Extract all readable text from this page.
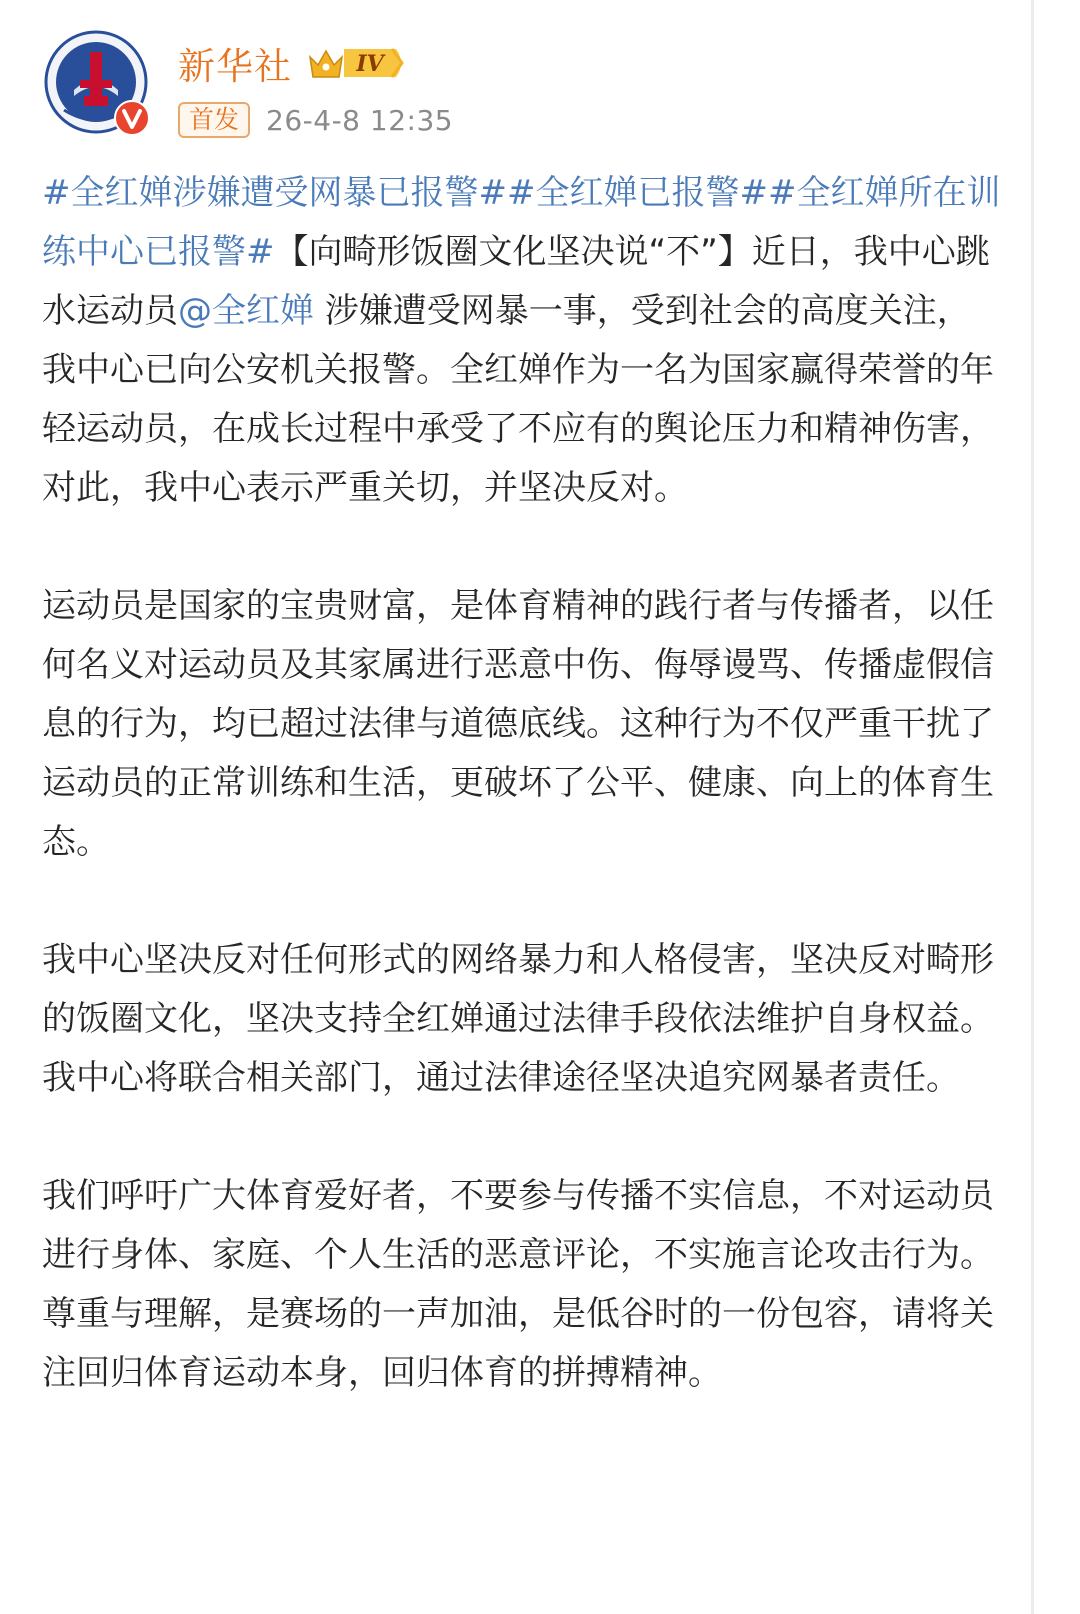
新华社	IV
首发 26-4-8 12:35

#全红婵涉嫌遭受网暴已报警##全红婵已报警##全红婵所在训练中心已报警#【向畸形饭圈文化坚决说“不”】近日，我中心跳水运动员@全红婵 涉嫌遭受网暴一事，受到社会的高度关注，我中心已向公安机关报警。全红婵作为一名为国家赢得荣誉的年轻运动员，在成长过程中承受了不应有的舆论压力和精神伤害，对此，我中心表示严重关切，并坚决反对。

运动员是国家的宝贵财富，是体育精神的践行者与传播者，以任何名义对运动员及其家属进行恶意中伤、侮辱谩骂、传播虚假信息的行为，均已超过法律与道德底线。这种行为不仅严重干扰了运动员的正常训练和生活，更破坏了公平、健康、向上的体育生态。

我中心坚决反对任何形式的网络暴力和人格侵害，坚决反对畸形的饭圈文化，坚决支持全红婵通过法律手段依法维护自身权益。我中心将联合相关部门，通过法律途径坚决追究网暴者责任。

我们呼吁广大体育爱好者，不要参与传播不实信息，不对运动员进行身体、家庭、个人生活的恶意评论，不实施言论攻击行为。尊重与理解，是赛场的一声加油，是低谷时的一份包容，请将关注回归体育运动本身，回归体育的拼搏精神。
